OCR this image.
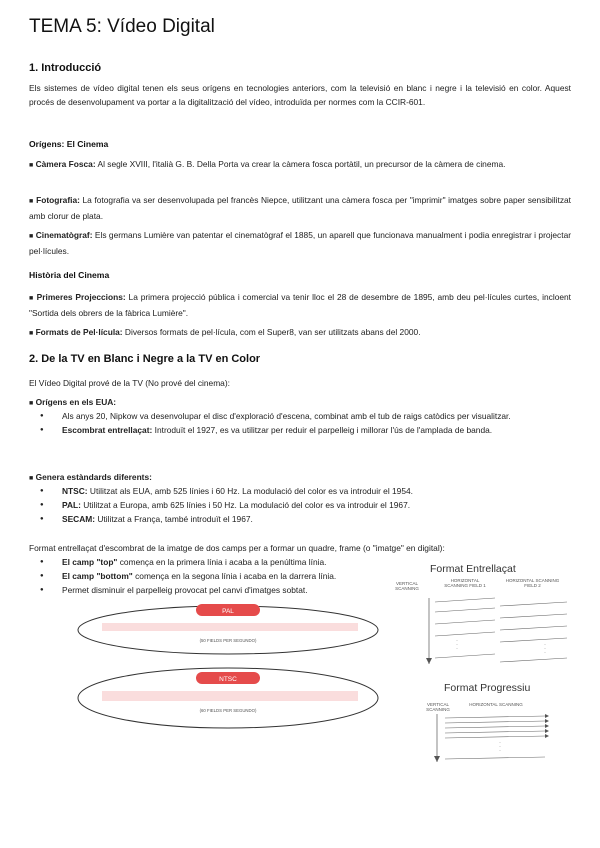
TEMA 5: Vídeo Digital
1. Introducció

Els sistemes de vídeo digital tenen els seus orígens en tecnologies anteriors, com la televisió en blanc i negre i la televisió en color. Aquest procés de desenvolupament va portar a la digitalització del vídeo, introduïda per normes com la CCIR-601.

Orígens: El Cinema

■ Càmera Fosca: Al segle XVIII, l'italià G. B. Della Porta va crear la càmera fosca portàtil, un precursor de la càmera de cinema.

■ Fotografia: La fotografia va ser desenvolupada pel francès Niepce, utilitzant una càmera fosca per "imprimir" imatges sobre paper sensibilitzat amb clorur de plata.

■ Cinematògraf: Els germans Lumière van patentar el cinematògraf el 1885, un aparell que funcionava manualment i podia enregistrar i projectar pel·lícules.

Història del Cinema

■ Primeres Projeccions: La primera projecció pública i comercial va tenir lloc el 28 de desembre de 1895, amb deu pel·lícules curtes, incloent "Sortida dels obrers de la fàbrica Lumière".

■ Formats de Pel·lícula: Diversos formats de pel·lícula, com el Super8, van ser utilitzats abans del 2000.

2. De la TV en Blanc i Negre a la TV en Color

El Vídeo Digital prové de la TV (No prové del cinema):

■ Orígens en els EUA:

● Als anys 20, Nipkow va desenvolupar el disc d'exploració d'escena, combinat amb el tub de raigs catòdics per visualitzar.
● Escombrat entrellaçat: Introduït el 1927, es va utilitzar per reduir el parpelleig i millorar l'ús de l'amplada de banda.

■ Genera estàndards diferents:

● NTSC: Utilitzat als EUA, amb 525 línies i 60 Hz. La modulació del color es va introduir el 1954.
● PAL: Utilitzat a Europa, amb 625 línies i 50 Hz. La modulació del color es va introduir el 1967.
● SECAM: Utilitzat a França, també introduït el 1967.

Format entrellaçat d'escombrat de la imatge de dos camps per a formar un quadre, frame (o "imatge" en digital):

● El camp "top" comença en la primera línia i acaba a la penúltima línia.
● El camp "bottom" comença en la segona línia i acaba en la darrera línia.
● Permet disminuir el parpelleig provocat pel canvi d'imatges sobtat.
PAL
(50 FIELDS PER SEGUNDO)
NTSC
(60 FIELDS PER SEGUNDO)
Format Entrellaçat
VERTICAL SCANNING
HORIZONTAL SCANNING FIELD 1
HORIZONTAL SCANNING FIELD 2
Format Progressiu
VERTICAL SCANNING
HORIZONTAL SCANNING
